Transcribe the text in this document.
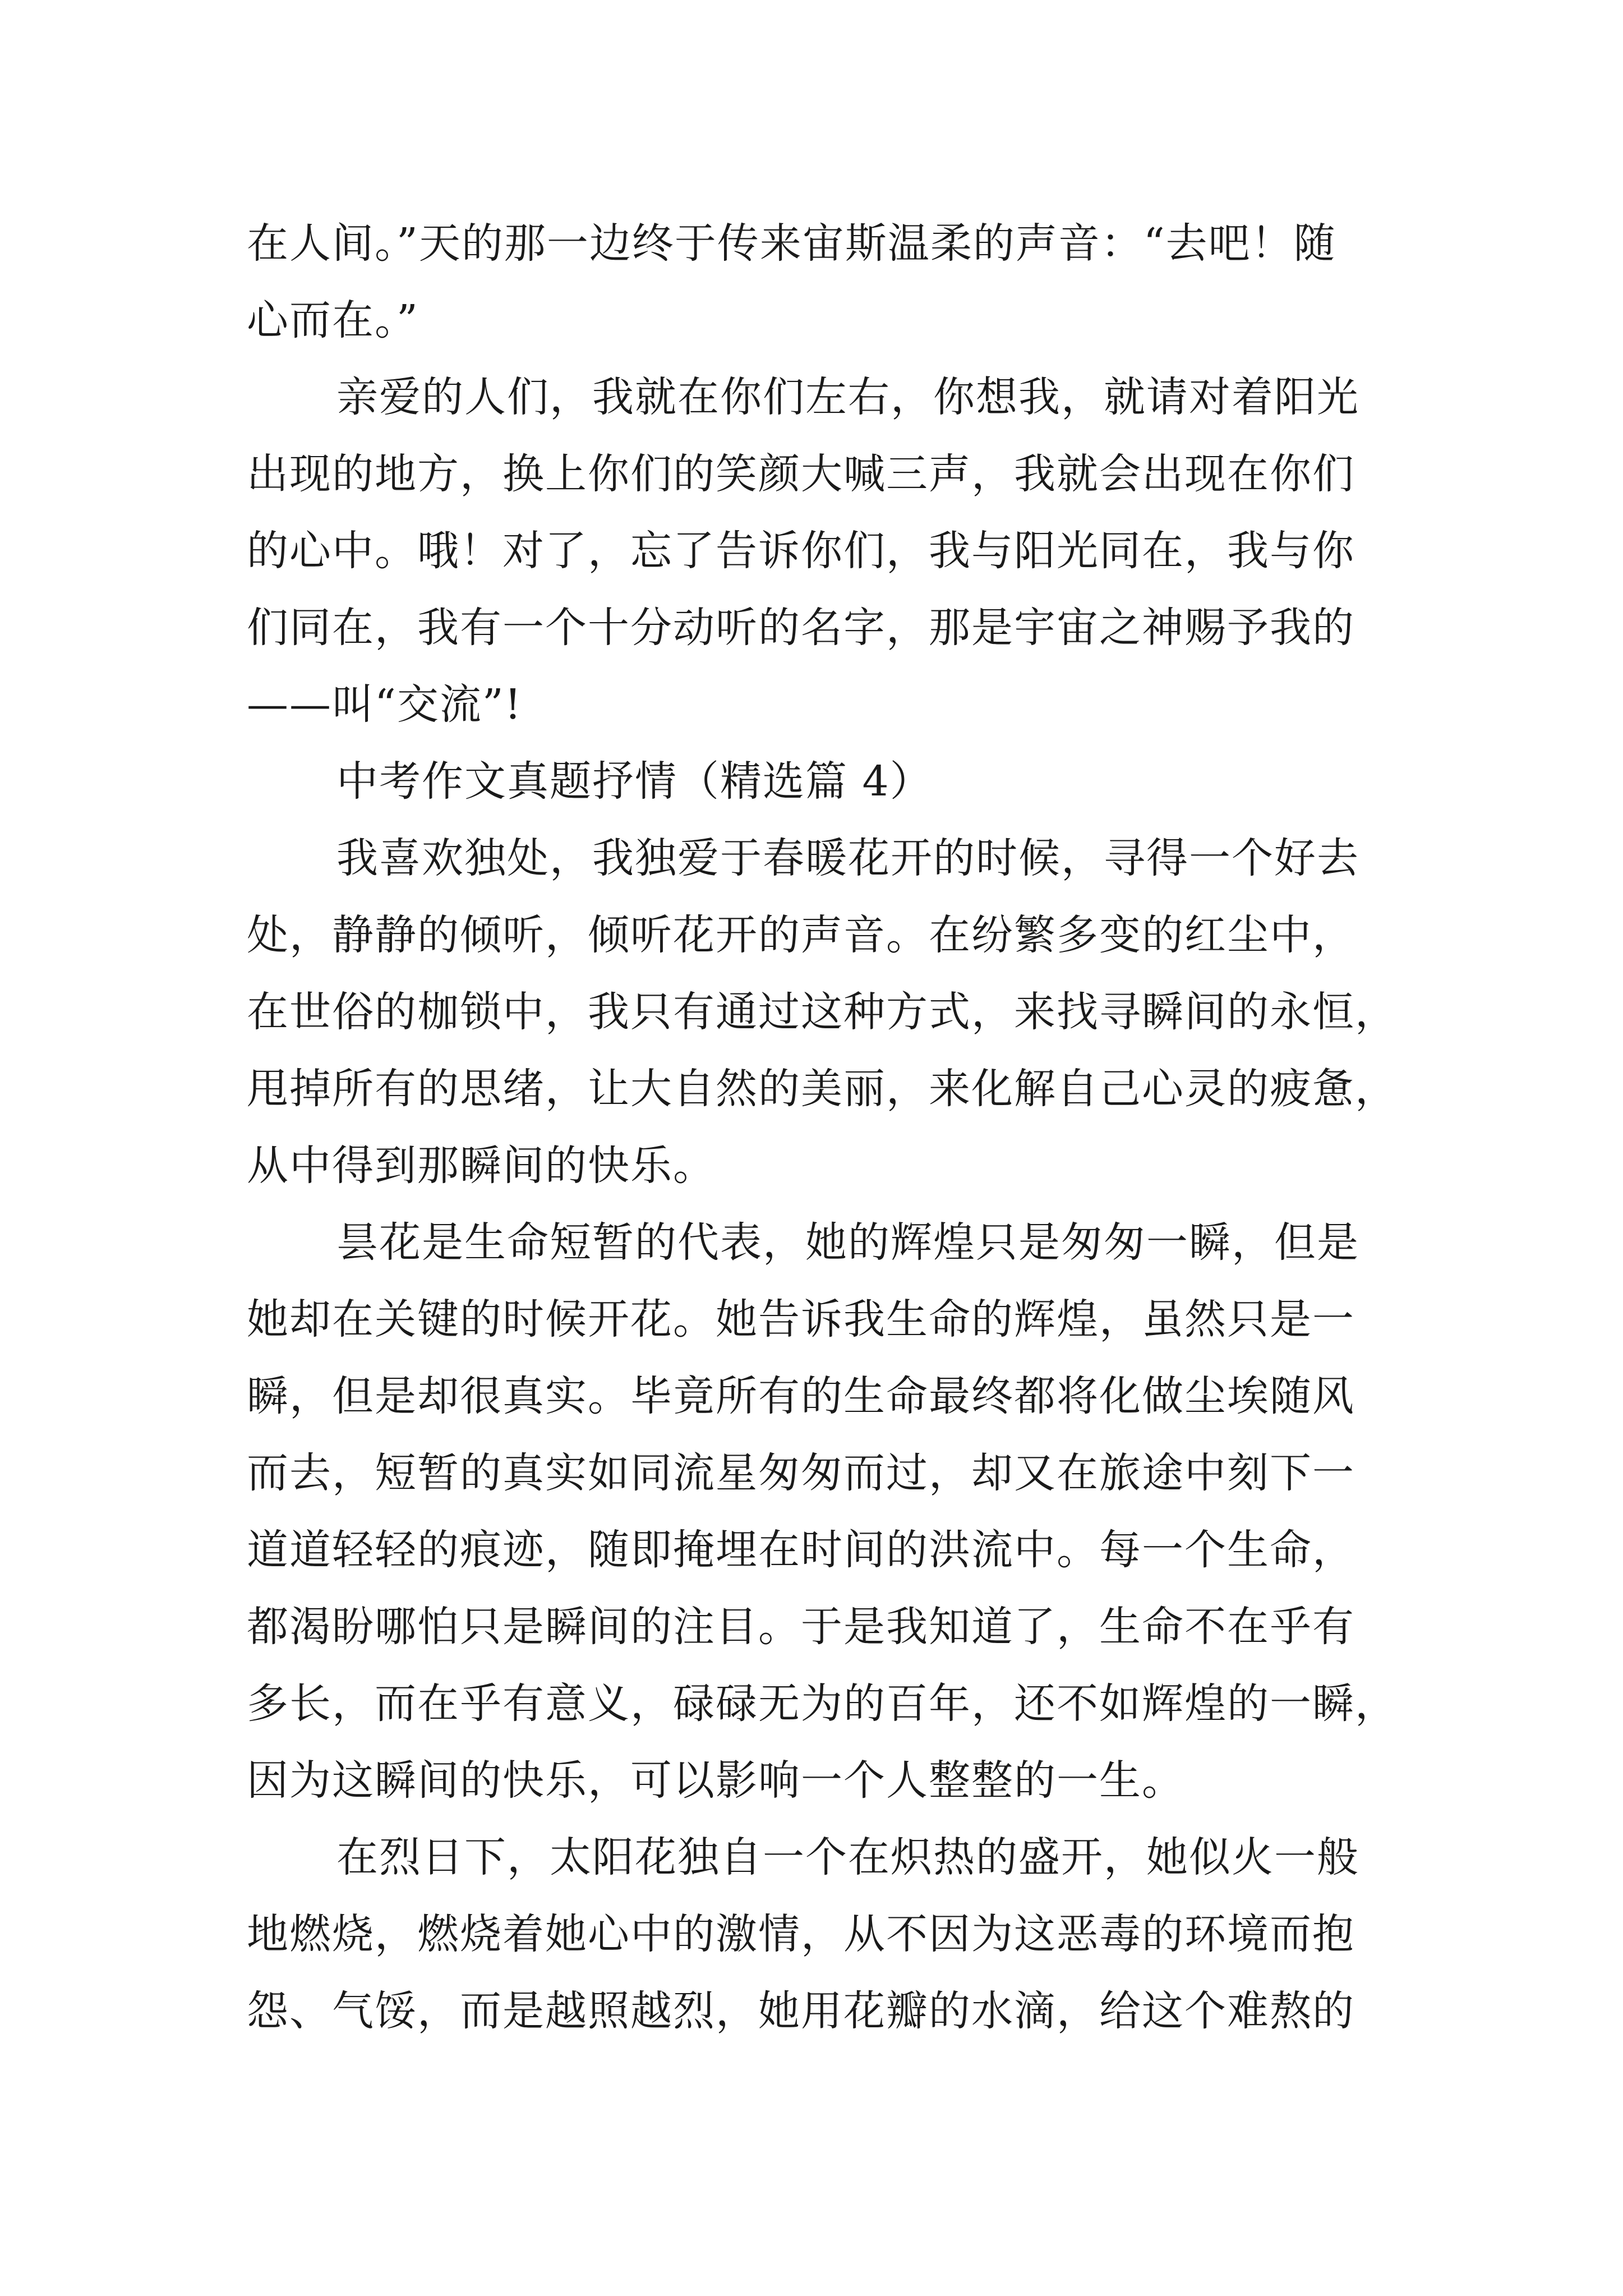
在人间。”天的那一边终于传来宙斯温柔的声音：“去吧！随

心而在。”

亲爱的人们，我就在你们左右，你想我，就请对着阳光

出现的地方，换上你们的笑颜大喊三声，我就会出现在你们

的心中。哦！对了，忘了告诉你们，我与阳光同在，我与你

们同在，我有一个十分动听的名字，那是宇宙之神赐予我的

——叫“交流”!

中考作文真题抒情（精选篇 4）

我喜欢独处，我独爱于春暖花开的时候，寻得一个好去

处，静静的倾听，倾听花开的声音。在纷繁多变的红尘中，

在世俗的枷锁中，我只有通过这种方式，来找寻瞬间的永恒，

甩掉所有的思绪，让大自然的美丽，来化解自己心灵的疲惫，

从中得到那瞬间的快乐。

昙花是生命短暂的代表，她的辉煌只是匆匆一瞬，但是

她却在关键的时候开花。她告诉我生命的辉煌，虽然只是一

瞬，但是却很真实。毕竟所有的生命最终都将化做尘埃随风

而去，短暂的真实如同流星匆匆而过，却又在旅途中刻下一

道道轻轻的痕迹，随即掩埋在时间的洪流中。每一个生命，

都渴盼哪怕只是瞬间的注目。于是我知道了，生命不在乎有

多长，而在乎有意义，碌碌无为的百年，还不如辉煌的一瞬，

因为这瞬间的快乐，可以影响一个人整整的一生。

在烈日下，太阳花独自一个在炽热的盛开，她似火一般

地燃烧，燃烧着她心中的激情，从不因为这恶毒的环境而抱

怨、气馁，而是越照越烈，她用花瓣的水滴，给这个难熬的
